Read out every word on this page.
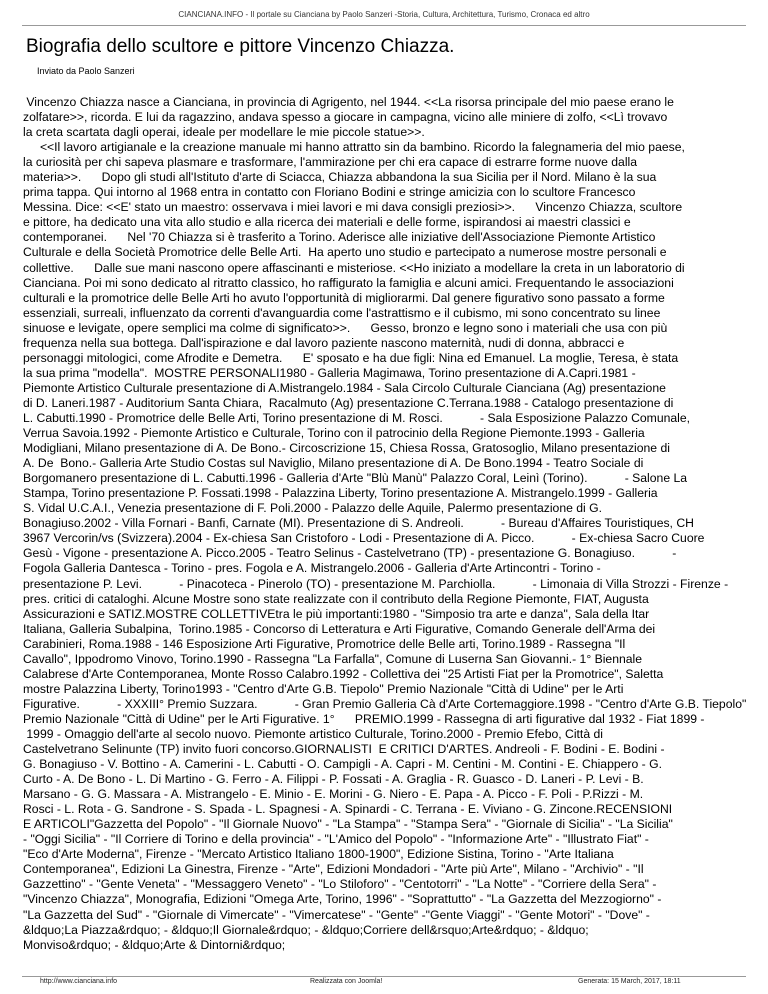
CIANCIANA.INFO - Il portale su Cianciana by Paolo Sanzeri -Storia, Cultura, Architettura, Turismo, Cronaca ed altro
Biografia dello scultore e pittore Vincenzo Chiazza.
Inviato da Paolo Sanzeri
Vincenzo Chiazza nasce a Cianciana, in provincia di Agrigento, nel 1944. <<La risorsa principale del mio paese erano le
zolfatare>>, ricorda. E lui da ragazzino, andava spesso a giocare in campagna, vicino alle miniere di zolfo, <<Lì trovavo
la creta scartata dagli operai, ideale per modellare le mie piccole statue>>.
<<Il lavoro artigianale e la creazione manuale mi hanno attratto sin da bambino. Ricordo la falegnameria del mio paese,
la curiosità per chi sapeva plasmare e trasformare, l'ammirazione per chi era capace di estrarre forme nuove dalla
materia>>.      Dopo gli studi all'Istituto d'arte di Sciacca, Chiazza abbandona la sua Sicilia per il Nord. Milano è la sua
prima tappa. Qui intorno al 1968 entra in contatto con Floriano Bodini e stringe amicizia con lo scultore Francesco
Messina. Dice: <<E' stato un maestro: osservava i miei lavori e mi dava consigli preziosi>>.      Vincenzo Chiazza, scultore
e pittore, ha dedicato una vita allo studio e alla ricerca dei materiali e delle forme, ispirandosi ai maestri classici e
contemporanei.      Nel '70 Chiazza si è trasferito a Torino. Aderisce alle iniziative dell'Associazione Piemonte Artistico
Culturale e della Società Promotrice delle Belle Arti.  Ha aperto uno studio e partecipato a numerose mostre personali e
collettive.      Dalle sue mani nascono opere affascinanti e misteriose. <<Ho iniziato a modellare la creta in un laboratorio di
Cianciana. Poi mi sono dedicato al ritratto classico, ho raffigurato la famiglia e alcuni amici. Frequentando le associazioni
culturali e la promotrice delle Belle Arti ho avuto l'opportunità di migliorarmi. Dal genere figurativo sono passato a forme
essenziali, surreali, influenzato da correnti d'avanguardia come l'astrattismo e il cubismo, mi sono concentrato su linee
sinuose e levigate, opere semplici ma colme di significato>>.      Gesso, bronzo e legno sono i materiali che usa con più
frequenza nella sua bottega. Dall'ispirazione e dal lavoro paziente nascono maternità, nudi di donna, abbracci e
personaggi mitologici, come Afrodite e Demetra.      E' sposato e ha due figli: Nina ed Emanuel. La moglie, Teresa, è stata
la sua prima "modella".  MOSTRE PERSONALI1980 - Galleria Magimawa, Torino presentazione di A.Capri.1981 -
Piemonte Artistico Culturale presentazione di A.Mistrangelo.1984 - Sala Circolo Culturale Cianciana (Ag) presentazione
di D. Laneri.1987 - Auditorium Santa Chiara,  Racalmuto (Ag) presentazione C.Terrana.1988 - Catalogo presentazione di
L. Cabutti.1990 - Promotrice delle Belle Arti, Torino presentazione di M. Rosci.           - Sala Esposizione Palazzo Comunale,
Verrua Savoia.1992 - Piemonte Artistico e Culturale, Torino con il patrocinio della Regione Piemonte.1993 - Galleria
Modigliani, Milano presentazione di A. De Bono.- Circoscrizione 15, Chiesa Rossa, Gratosoglio, Milano presentazione di
A. De  Bono.- Galleria Arte Studio Costas sul Naviglio, Milano presentazione di A. De Bono.1994 - Teatro Sociale di
Borgomanero presentazione di L. Cabutti.1996 - Galleria d'Arte "Blù Manù" Palazzo Coral, Leinì (Torino).           - Salone La
Stampa, Torino presentazione P. Fossati.1998 - Palazzina Liberty, Torino presentazione A. Mistrangelo.1999 - Galleria
S. Vidal U.C.A.I., Venezia presentazione di F. Poli.2000 - Palazzo delle Aquile, Palermo presentazione di G.
Bonagiuso.2002 - Villa Fornari - Banfi, Carnate (MI). Presentazione di S. Andreoli.           - Bureau d'Affaires Touristiques, CH
3967 Vercorin/vs (Svizzera).2004 - Ex-chiesa San Cristoforo - Lodi - Presentazione di A. Picco.           - Ex-chiesa Sacro Cuore
Gesù - Vigone - presentazione A. Picco.2005 - Teatro Selinus - Castelvetrano (TP) - presentazione G. Bonagiuso.           -
Fogola Galleria Dantesca - Torino - pres. Fogola e A. Mistrangelo.2006 - Galleria d'Arte Artincontri - Torino -
presentazione P. Levi.           - Pinacoteca - Pinerolo (TO) - presentazione M. Parchiolla.           - Limonaia di Villa Strozzi - Firenze -
pres. critici di cataloghi. Alcune Mostre sono state realizzate con il contributo della Regione Piemonte, FIAT, Augusta
Assicurazioni e SATIZ.MOSTRE COLLETTIVEtra le più importanti:1980 - "Simposio tra arte e danza", Sala della Itar
Italiana, Galleria Subalpina,  Torino.1985 - Concorso di Letteratura e Arti Figurative, Comando Generale dell'Arma dei
Carabinieri, Roma.1988 - 146 Esposizione Arti Figurative, Promotrice delle Belle arti, Torino.1989 - Rassegna "Il
Cavallo", Ippodromo Vinovo, Torino.1990 - Rassegna "La Farfalla", Comune di Luserna San Giovanni.- 1° Biennale
Calabrese d'Arte Contemporanea, Monte Rosso Calabro.1992 - Collettiva dei "25 Artisti Fiat per la Promotrice", Saletta
mostre Palazzina Liberty, Torino1993 - "Centro d'Arte G.B. Tiepolo" Premio Nazionale "Città di Udine" per le Arti
Figurative.           - XXXIII° Premio Suzzara.           - Gran Premio Galleria Cà d'Arte Cortemaggiore.1998 - "Centro d'Arte G.B. Tiepolo"
Premio Nazionale "Città di Udine" per le Arti Figurative. 1°      PREMIO.1999 - Rassegna di arti figurative dal 1932 - Fiat 1899 -
1999 - Omaggio dell'arte al secolo nuovo. Piemonte artistico Culturale, Torino.2000 - Premio Efebo, Città di
Castelvetrano Selinunte (TP) invito fuori concorso.GIORNALISTI  E CRITICI D'ARTES. Andreoli - F. Bodini - E. Bodini -
G. Bonagiuso - V. Bottino - A. Camerini - L. Cabutti - O. Campigli - A. Capri - M. Centini - M. Contini - E. Chiappero - G.
Curto - A. De Bono - L. Di Martino - G. Ferro - A. Filippi - P. Fossati - A. Graglia - R. Guasco - D. Laneri - P. Levi - B.
Marsano - G. G. Massara - A. Mistrangelo - E. Minio - E. Morini - G. Niero - E. Papa - A. Picco - F. Poli - P.Rizzi - M.
Rosci - L. Rota - G. Sandrone - S. Spada - L. Spagnesi - A. Spinardi - C. Terrana - E. Viviano - G. Zincone.RECENSIONI
E ARTICOLI"Gazzetta del Popolo" - "Il Giornale Nuovo" - "La Stampa" - "Stampa Sera" - "Giornale di Sicilia" - "La Sicilia"
- "Oggi Sicilia" - "Il Corriere di Torino e della provincia" - "L'Amico del Popolo" - "Informazione Arte" - "Illustrato Fiat" -
"Eco d'Arte Moderna", Firenze - "Mercato Artistico Italiano 1800-1900", Edizione Sistina, Torino - "Arte Italiana
Contemporanea", Edizioni La Ginestra, Firenze - "Arte", Edizioni Mondadori - "Arte più Arte", Milano - "Archivio" - "Il
Gazzettino" - "Gente Veneta" - "Messaggero Veneto" - "Lo Stiloforo" - "Centotorri" - "La Notte" - "Corriere della Sera" -
"Vincenzo Chiazza", Monografia, Edizioni "Omega Arte, Torino, 1996" - "Soprattutto" - "La Gazzetta del Mezzogiorno" -
"La Gazzetta del Sud" - "Giornale di Vimercate" - "Vimercatese" - "Gente" -"Gente Viaggi" - "Gente Motori" - "Dove" -
&ldquo;La Piazza&rdquo; - &ldquo;Il Giornale&rdquo; - &ldquo;Corriere dell&rsquo;Arte&rdquo; - &ldquo;
Monviso&rdquo; - &ldquo;Arte & Dintorni&rdquo;
http://www.cianciana.info	Realizzata con Joomla!	Generata: 15 March, 2017, 18:11
